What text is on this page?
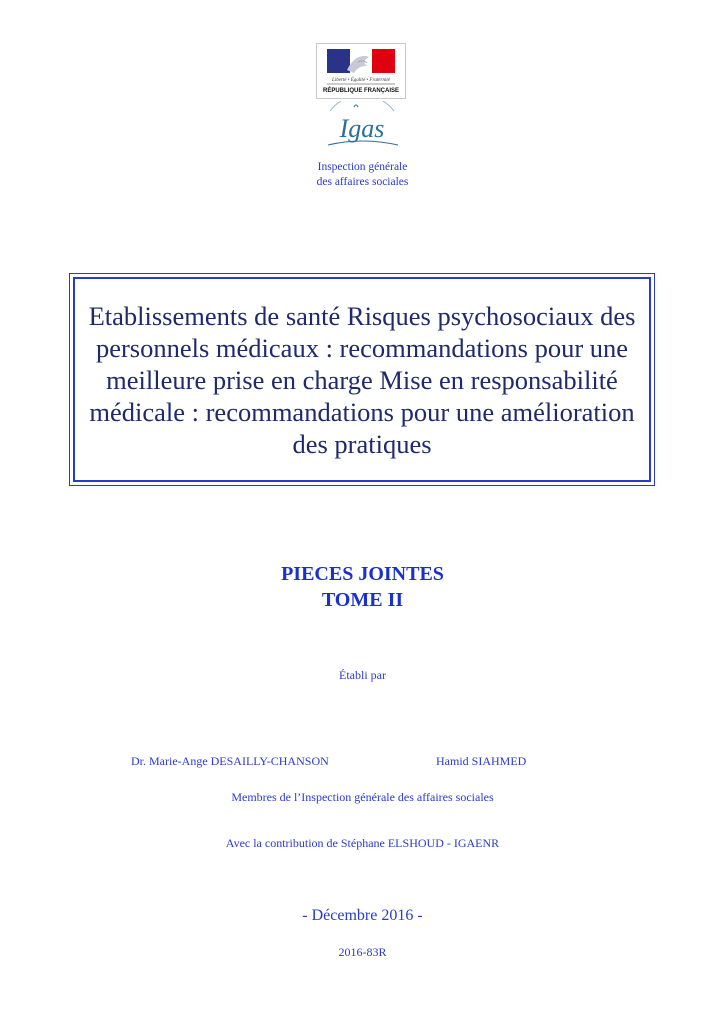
Liberté • Égalité • Fraternité
RÉPUBLIQUE FRANÇAISE
Igas
Inspection générale
des affaires sociales
Etablissements de santé Risques psychosociaux des personnels médicaux : recommandations pour une meilleure prise en charge Mise en responsabilité médicale : recommandations pour une amélioration des pratiques
PIECES JOINTES
TOME II
Établi par
Dr. Marie-Ange DESAILLY-CHANSON	Hamid SIAHMED
Membres de l’Inspection générale des affaires sociales
Avec la contribution de Stéphane ELSHOUD - IGAENR
- Décembre 2016 -
2016-83R
